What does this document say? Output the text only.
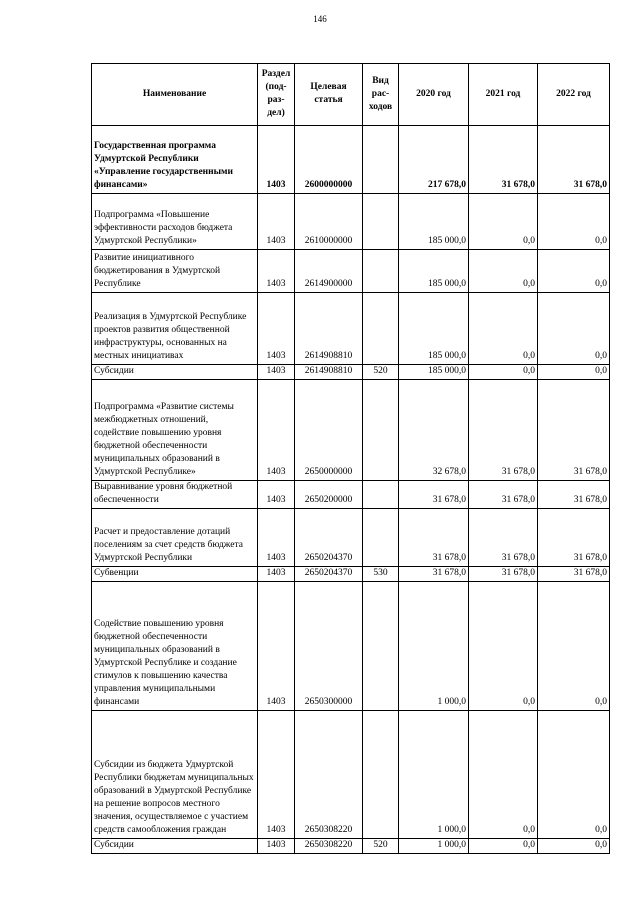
146
Наименование	Раздел (под- раз- дел)	Целевая статья	Вид рас- ходов	2020 год	2021 год	2022 год
Государственная программа Удмуртской Республики «Управление государственными финансами»	1403	2600000000		217 678,0	31 678,0	31 678,0
Подпрограмма «Повышение эффективности расходов бюджета Удмуртской Республики»	1403	2610000000		185 000,0	0,0	0,0
Развитие инициативного бюджетирования в Удмуртской Республике	1403	2614900000		185 000,0	0,0	0,0
Реализация в Удмуртской Республике проектов развития общественной инфраструктуры, основанных на местных инициативах	1403	2614908810		185 000,0	0,0	0,0
Субсидии	1403	2614908810	520	185 000,0	0,0	0,0
Подпрограмма «Развитие системы межбюджетных отношений, содействие повышению уровня бюджетной обеспеченности муниципальных образований в Удмуртской Республике»	1403	2650000000		32 678,0	31 678,0	31 678,0
Выравнивание уровня бюджетной обеспеченности	1403	2650200000		31 678,0	31 678,0	31 678,0
Расчет и предоставление дотаций поселениям за счет средств бюджета Удмуртской Республики	1403	2650204370		31 678,0	31 678,0	31 678,0
Субвенции	1403	2650204370	530	31 678,0	31 678,0	31 678,0
Содействие повышению уровня бюджетной обеспеченности муниципальных образований в Удмуртской Республике и создание стимулов к повышению качества управления муниципальными финансами	1403	2650300000		1 000,0	0,0	0,0
Субсидии из бюджета Удмуртской Республики бюджетам муниципальных образований в Удмуртской Республике на решение вопросов местного значения, осуществляемое с участием средств самообложения граждан	1403	2650308220		1 000,0	0,0	0,0
Субсидии	1403	2650308220	520	1 000,0	0,0	0,0
